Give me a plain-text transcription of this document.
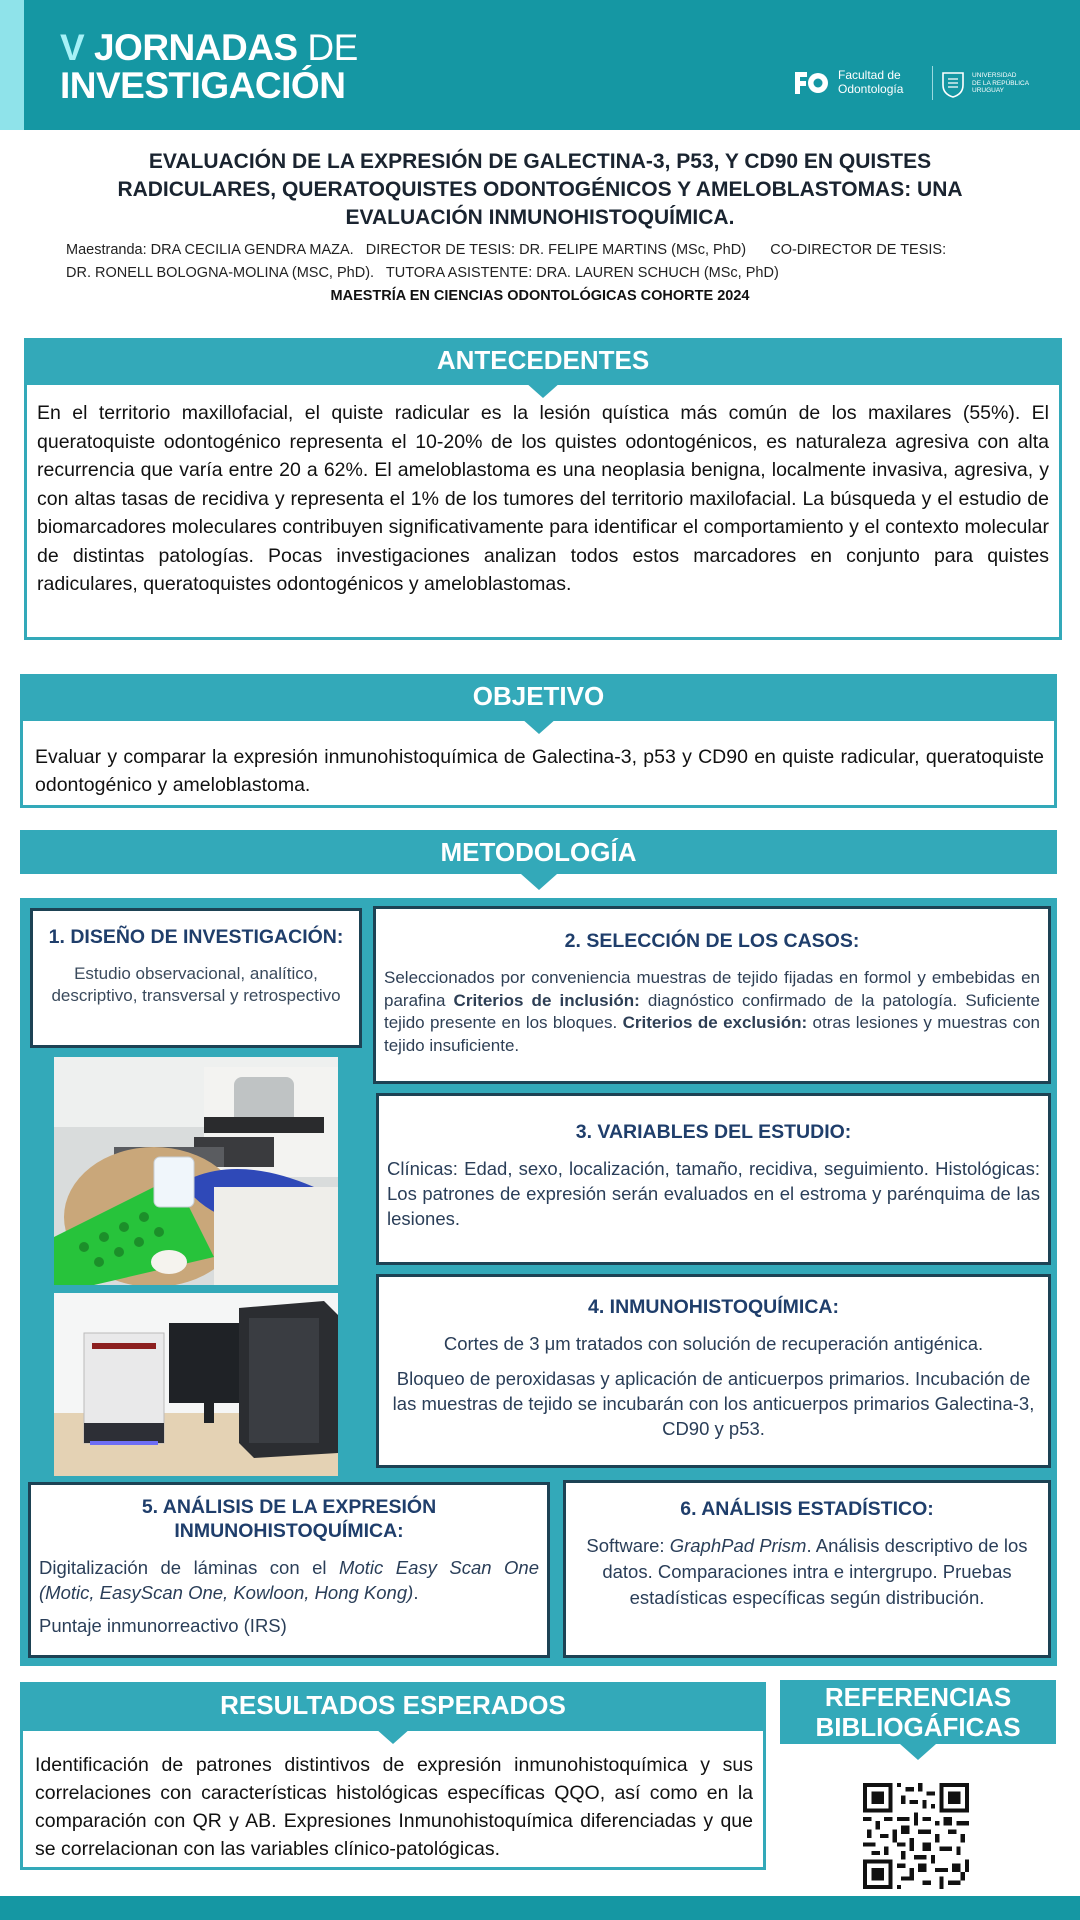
V JORNADAS DE
INVESTIGACIÓN	Facultad de
Odontología
UNIVERSIDAD
DE LA REPÚBLICA
URUGUAY
EVALUACIÓN DE LA EXPRESIÓN DE GALECTINA-3, P53, Y CD90 EN QUISTES RADICULARES, QUERATOQUISTES ODONTOGÉNICOS Y AMELOBLASTOMAS: UNA EVALUACIÓN INMUNOHISTOQUÍMICA.
Maestranda: DRA CECILIA GENDRA MAZA.   DIRECTOR DE TESIS: DR. FELIPE MARTINS (MSc, PhD)      CO-DIRECTOR DE TESIS:
DR. RONELL BOLOGNA-MOLINA (MSC, PhD).   TUTORA ASISTENTE: DRA. LAUREN SCHUCH (MSc, PhD)
MAESTRÍA EN CIENCIAS ODONTOLÓGICAS COHORTE 2024
ANTECEDENTES
En el territorio maxillofacial, el quiste radicular es la lesión quística más común de los maxilares (55%). El queratoquiste odontogénico representa el 10-20% de los quistes odontogénicos, es naturaleza agresiva con alta recurrencia que varía entre 20 a 62%. El ameloblastoma es una neoplasia benigna, localmente invasiva, agresiva, y con altas tasas de recidiva y representa el 1% de los tumores del territorio maxilofacial. La búsqueda y el estudio de biomarcadores moleculares contribuyen significativamente para identificar el comportamiento y el contexto molecular de distintas patologías. Pocas investigaciones analizan todos estos marcadores en conjunto para quistes radiculares, queratoquistes odontogénicos y ameloblastomas.
OBJETIVO
Evaluar y comparar la expresión inmunohistoquímica de Galectina-3, p53 y CD90 en quiste radicular, queratoquiste odontogénico y ameloblastoma.
METODOLOGÍA
1. DISEÑO DE INVESTIGACIÓN:

Estudio observacional, analítico, descriptivo, transversal y retrospectivo

2. SELECCIÓN DE LOS CASOS:

Seleccionados por conveniencia muestras de tejido fijadas en formol y embebidas en parafina Criterios de inclusión: diagnóstico confirmado de la patología. Suficiente tejido presente en los bloques. Criterios de exclusión: otras lesiones y muestras con tejido insuficiente.

3. VARIABLES DEL ESTUDIO:

Clínicas: Edad, sexo, localización, tamaño, recidiva, seguimiento. Histológicas: Los patrones de expresión serán evaluados en el estroma y parénquima de las lesiones.

4. INMUNOHISTOQUÍMICA:

Cortes de 3 μm tratados con solución de recuperación antigénica.

Bloqueo de peroxidasas y aplicación de anticuerpos primarios. Incubación de las muestras de tejido se incubarán con los anticuerpos primarios Galectina-3, CD90 y p53.

5. ANÁLISIS DE LA EXPRESIÓN INMUNOHISTOQUÍMICA:

Digitalización de láminas con el Motic Easy Scan One (Motic, EasyScan One, Kowloon, Hong Kong).

Puntaje inmunorreactivo (IRS)

6. ANÁLISIS ESTADÍSTICO:

Software: GraphPad Prism. Análisis descriptivo de los datos. Comparaciones intra e intergrupo. Pruebas estadísticas específicas según distribución.

RESULTADOS ESPERADOS
Identificación de patrones distintivos de expresión inmunohistoquímica y sus correlaciones con características histológicas específicas QQO, así como en la comparación con QR y AB. Expresiones Inmunohistoquímica diferenciadas y que se correlacionan con las variables clínico-patológicas.
REFERENCIAS
BIBLIOGÁFICAS
